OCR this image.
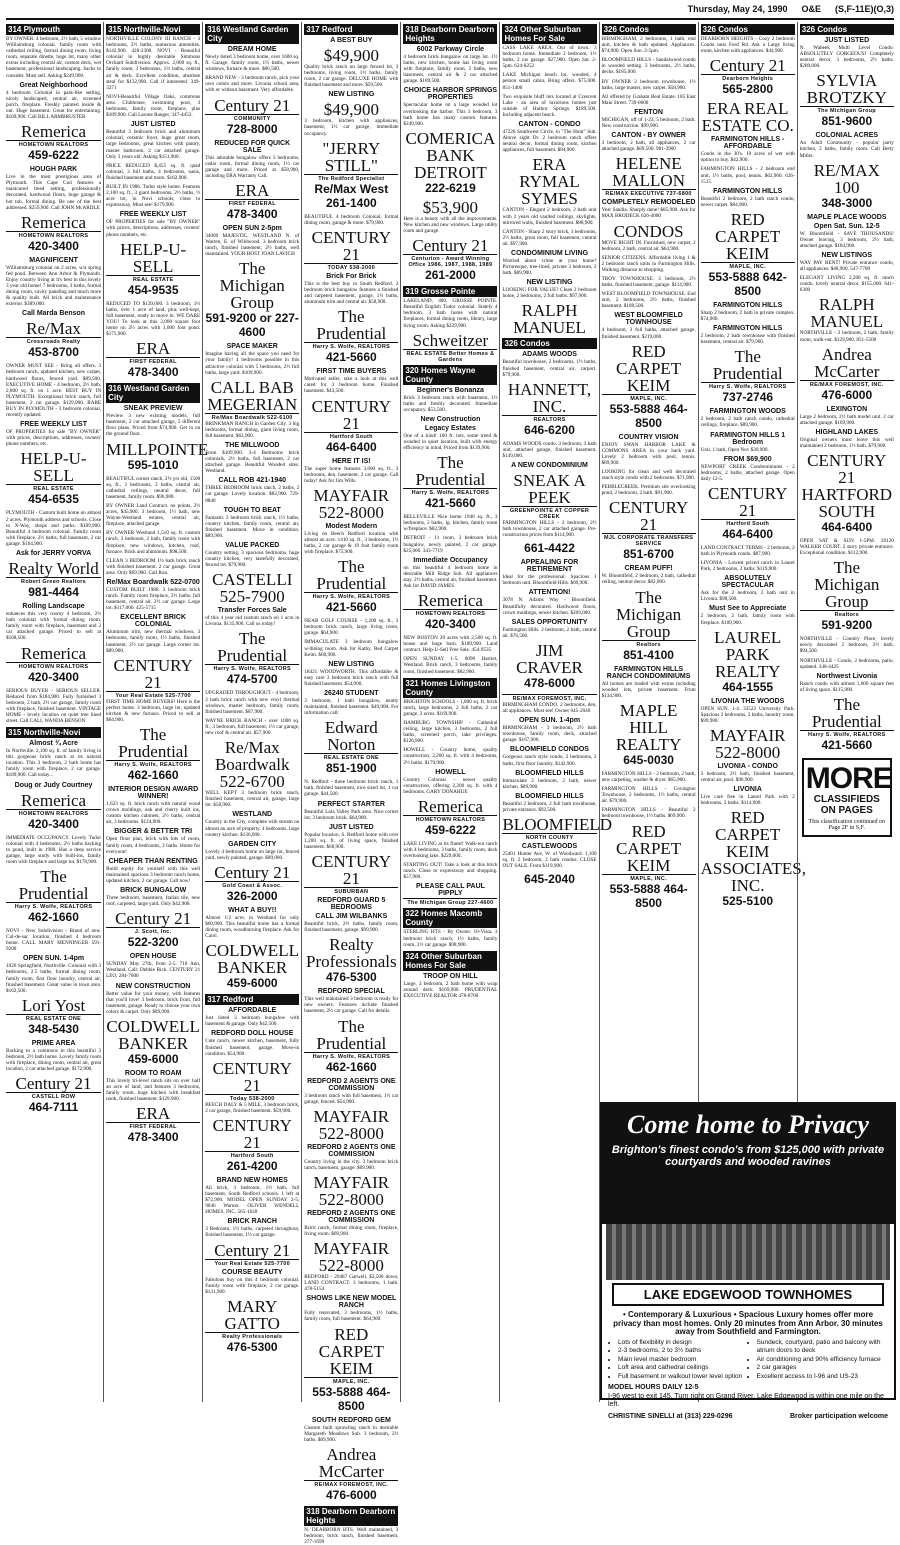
Thursday, May 24, 1990 O&E (S,F-11E)(O,3)
314 Plymouth
BY OWNER. 4 bedroom, 2½ bath, 5 window Williamsburg colonial. family room with cathedral ceiling, formal dining room, living room, separate dinette, huge lot, many other extras including central air, custom deck, wet basement, professional landscaping. Sacks to consider. Must sell. Asking $249,900.
Great Neighborhood
4 bedroom Colonial in park-like setting, nicely landscaped, central air, screened porch, fireplace. Freshly painted inside & out. Huge basement. Great for entertaining. $169,900. Call BILL ARMBRUSTER
Remerica
HOMETOWN REALTORS
459-6222
HOUGH PARK
Live in the most prestigious area of Plymouth. This Cape Cod features a manicured treed setting, professionally decorated, hardwood floors, huge garage & hot tub, formal dining. Be one of the best addressed. $259,900. Call JOHN McARDLE
Remerica
HOMETOWN REALTORS
420-3400
MAGNIFICENT
Williamsburg colonial on 2 acres, w/a spring fed pond. Between Ann Arbor & Plymouth. Enjoy country living at it's best in this lovely 3 year old home! 7 bedrooms, 3 baths, formal dining room, cavity paneling and much more & quality built. All brick and maintenance exterior. $389,000.
Call Marda Benson
Re/Max
Crossroads Realty
453-8700
OWNER MUST SEE - Bring all offers. 3 bedroom ranch, updated kitchen, new carpet, hardwood floors, fenced yard. $89,500. EXECUTIVE HOME - 4 bedroom, 2½ bath, 2,800 sq. ft. on 1 acre. BEST BUY IN PLYMOUTH. Exceptional brick ranch, full basement, 2 car garage. $129,900. RARE BUY IN PLYMOUTH - 3 bedroom colonial, recently updated.
FREE WEEKLY LIST
OF PROPERTIES for sale "BY OWNER" with prices, descriptions, addresses, owners' phone numbers, etc.
HELP-U-SELL
REAL ESTATE
454-6535
PLYMOUTH - Custom built home on almost 2 acres. Plymouth address and schools. Close to X-Way, shops and parks. $189,900. Beautiful 4 bedroom colonial. Family room with fireplace, 2½ baths, full basement, 2 car garage. $164,900.
Ask for JERRY VORVA
Realty World
Robert Green Realtors
981-4464
Rolling Landscape
enhances this very roomy 4 bedroom, 2½ bath colonial with formal dining room, family room with fireplace, basement and 2 car attached garage. Priced to sell at $168,500.
Remerica
HOMETOWN REALTORS
420-3400
SERIOUS BUYER - SERIOUS SELLER. Reduced from $184,900. Fully furnished 3 bedroom, 2 bath, 2½ car garage, family room with fireplace, finished basement. VINTAGE HOME - lovely location on quiet tree lined street. Call CALL WANDA BENSON
315 Northville-Novi
Almost ¾ Acre
In Northville. 2,100 sq. ft. of family living in this gorgeous brick ranch at its natural location. This 3 bedroom, 2 bath home has family room with fireplace, 2 car garage. $189,900. Call today...
Doug or Judy Courtney
Remerica
HOMETOWN REALTORS
420-3400
IMMEDIATE OCCUPANCY. Lovely Tudor colonial with 4 bedrooms, 2½ baths backing to pond, built in 1980. Has a deep service garage, large study with built-ins, family room with fireplace and large lot. $178,900.
The Prudential
Harry S. Wolfe, REALTORS
462-1660
NOVI - New Subdivision - Brand of new. Cul-de-sac location, finished 4 bedroom home. CALL MARY MENNINGER 591-9200
OPEN SUN. 1-4pm
1026 Springfield, Northville. Colonial with 3 bedrooms, 2.5 baths, formal dining room, family room, first floor laundry, central air, finished basement. Great value in town area. $162,500.
Lori Yost
REAL ESTATE ONE
348-5430
PRIME AREA
Backing to a commons in this beautiful 3 bedroom, 2½ bath home. Lovely family room with fireplace, dining room, central air, great location, 2 car attached garage. $172,900.
Century 21
CASTELL ROW
464-7111
315 Northville-Novi
NORTHVILLE COLONY III RANCH - 3 bedrooms, 2½ baths, numerous amenities. $142,900. 420-2300. NOVI - Beautiful colonial in highly desirable Simmons Orchard Subdivision. Approx. 2,000 sq. ft., family room, 3 bedrooms, 1½ baths, central air & deck. Excellent condition, absolute steal for $132,900. Call if interested. 349-3271
NOVI-Beautiful Village Oaks, commons area. Clubhouse, swimming pool, 3 bedrooms, family room, fireplace, plus $189,900. Call Larone Ranger, 347-4453.
JUST LISTED
Beautiful 3 bedroom brick and aluminum colonial, ceramic foyer, huge great room, large bedrooms, great kitchen with pantry, master bathroom, 2 car attached garage. Only 3 years old. Asking $151,900.
PRICE REDUCED $,455 sq. ft. quad colonial, 3 full baths, 4 bedrooms, oasis, finished basement and more. $162,900.
BUILT IN 1986. Tudor style home. Features 2,100 sq. ft., 3 giant bedrooms, 2½ baths, ½ acre lot, in Novi schools, close to expressway. Must see! $179,900.
FREE WEEKLY LIST
OF PROPERTIES for sale "BY OWNER" with prices, descriptions, addresses, owners' phone numbers, etc.
HELP-U-SELL
REAL ESTATE
454-9535
REDUCED TO $139,000. 3 bedroom, 1½ baths, over 1 acre of land, plus well-kept, full basement, ready to move in. WE DARE YOU! To look at this 2,000 square foot home on 2½ acres with 1,000 foot pond. $175,900.
ERA
FIRST FEDERAL
478-3400
316 Westland Garden City
SNEAK PREVIEW
Preview 3 new existing models, full basement, 2 car attached garage, 5 different floor plans. Priced from $74,900. Get in on the ground floor.
MILLPOINTE
595-1010
BEAUTIFUL corner ranch, 2½ yrs old, 1500 sq. ft., 3 bedrooms, 2 baths, central air, cathedral ceilings, neutral decor, full basement, family room. $96,900.
BY OWNER Land Contract. no points, 2½ acres, $45,900. 3 bedroom, 1½ bath, new Wayne-Westland estates, central air, fireplace, attached garage.
BY OWNER Westland 1,510 sq. ft. custom ranch, 3 bedroom, 2 bath, family room with fireplace, new windows, kitchen, roof, furnace. Brick and aluminum. $98,500.
CLEAN 3 BEDROOM 1½ bath brick ranch with finished basement. 2 car garage. Great area. Only $69,900. Call Ron.
Re/Max Boardwalk 522-0700
CUSTOM BUILT 1988. 3 bedroom brick ranch. Family room fireplace, 2½ baths, full basement, central air. 2½ car garage. Large lot. $117,000. 425-5715
EXCELLENT BRICK COLONIAL
Aluminum trim, new thermal windows, 3 bedrooms, family room, 1½ baths, finished basement, 2½ car garage. Large corner lot. $89,900.
CENTURY 21
Your Real Estate 525-7700
FIRST TIME HOME BUYERS! Here is the perfect home. 3 bedroom, large lot, updated kitchen & new furnace. Priced to sell at $64,900.
The Prudential
Harry S. Wolfe, REALTORS
462-1660
INTERIOR DESIGN AWARD WINNER!
1,623 sq. ft. brick ranch with natural wood crown moldings, oak and cherry built ins, custom kitchen cabinets, 2½ baths, central air, 3 bedrooms. $124,900.
BIGGER & BETTER TRI
Open floor plan, brick with lots of room, family room, 4 bedrooms, 2 baths. Home for everyone!
CHEAPER THAN RENTING
Build equity for yourself with this well maintained spacious 3 bedroom ranch home, updated kitchen, 2 car garage. Call now!
BRICK BUNGALOW
Three bedroom, basement, Italian tile, new roof, carpeted, large yard. Only $42,900.
Century 21
J. Scott, Inc.
522-3200
OPEN HOUSE
SUNDAY May 27th, from 2-5. 710 Ann, Westland. Call: Debbie Rich. CENTURY 21 LEO, 284-7000
NEW CONSTRUCTION
Better value for your money, with features that you'll love! 3 bedroom, brick front, full basement, garage. Ready to choose your own colors & carpet. Only $89,900.
COLDWELL BANKER
459-6000
ROOM TO ROAM
This lovely tri-level ranch sits on over half an acre of land, and features 3 bedrooms, family room, huge kitchen with breakfast nook, finished basement. $129,900.
ERA
FIRST FEDERAL
478-3400
316 Westland Garden City
DREAM HOME
Newly listed 3 bedroom home, over 1600 sq. ft. Garage, family room, 1½ baths, newer windows, furnace & more. $86,500.
BRAND NEW - 3 bedroom ranch, pick your own colors and more. Livonia school area, with or without basement. Very affordable.
Century 21
COMMUNITY
728-8000
REDUCED FOR QUICK SALE
This adorable bungalow offers 3 bedrooms, cedar room, formal dining room, 1½ car garage and more. Priced at $58,900, including ERA Warranty Call.
ERA
FIRST FEDERAL
478-3400
OPEN SUN 2-5pm
34000 MAJESTIC, WESTLAND N. of Warren, E. of Wildwood. 3 bedroom brick ranch, finished basement, 2½ baths, well maintained. YOUR HOST JOAN LAVICH
The Michigan Group
591-9200 or 227-4600
SPACE MAKER
Imagine having all the space you need for your family! 4 bedrooms possible in this attractive colonial with 5 bedrooms, 2½ full baths, large yard. $109,900.
CALL BAB MEGERIAN
Re/Max Boardwalk 522-6100
BRINKMAN RANCH in Garden City. 3 big bedrooms, formal dining, giant living room, full basement. $63,900.
THE MILLWOOD
From $109,900. 3-4 Bedrooms brick colonials, 2½ baths, full basement, 2 car attached garage. Beautiful Wooded sites. Westland.
CALL ROB 421-1940
THREE BEDROOM brick ranch, 2 baths, 2 car garage. Lovely location. $82,900. 729-8840
TOUGH TO BEAT
Fantastic 3 bedroom brick ranch, 1½ baths, country kitchen, family room, central air, finished basement. Move in condition. $89,900.
VALUE PACKED
Country setting, 3 spacious bedrooms, huge country kitchen, very tastefully decorated, fenced lot. $79,900.
CASTELLI 525-7900
Transfer Forces Sale
of this 4 year old custom ranch on 1 acre in Livonia. $135,900. Call us today!
The Prudential
Harry S. Wolfe, REALTORS
474-5700
UPGRADED THROUGHOUT - 4 bedroom, 2 bath brick ranch with new vinyl thermal windows, master bedroom, family room, finished basement. $87,900.
WAYNE BRICK RANCH - over 1000 sq. ft., 3 bedroom, full basement, 1½ car garage, new roof & central air. $57,900.
Re/Max Boardwalk 522-6700
WELL KEPT 3 bedroom brick ranch, finished basement, central air, garage, large lot. $58,900.
WESTLAND
Country in the City, complete with stream on almost an acre of property. 4 bedrooms, large country kitchen. $136,900.
GARDEN CITY
Lovely 4 bedroom home on large lot, fenced yard, newly painted, garage. $89,000.
Century 21
Gold Coast & Assoc.
326-2000
WHAT A BUY!!
Almost 1/2 acre, in Westland for only $60,900. This beautiful home has a formal dining room, woodburning fireplace. Ask for Carol.
COLDWELL BANKER
459-6000
317 Redford
AFFORDABLE
Just listed 3 bedroom bungalow with basement & garage. Only $42,500.
REDFORD DOLL HOUSE
Cute ranch, newer kitchen, basement, fully finished basement, garage. Move-in condition. $54,900.
CENTURY 21
Today 538-2000
BEECH DALY & 5 MILE, 3 bedroom brick, 2 car garage, finished basement. $59,900.
CENTURY 21
Hartford South
261-4200
BRAND NEW HOMES
All brick, 3 bedroom, 1½ bath, full basement, South Redford schools. 1 left at $72,900. MODEL OPEN SUNDAY 2-5, 9046 Warner. OLIVER WENDELL HOMES, INC. 565-1620
BRICK RANCH
3 Bedroom, 1½ baths, carpeted throughout, finished basement, 1½ car garage.
Century 21
Your Real Estate 525-7700
COURSE BEAUTY
Fabulous buy on this 4 bedroom colonial. Family room with fireplace, 2 car garage. $131,900.
MARY GATTO
Realty Professionals
476-5300
317 Redford
A BEST BUY
$49,900
Quality brick ranch on large fenced lot, 3 bedrooms, living room, 1½ baths, family room, 2 car garage. DELUXE HOME with finished basement and more. $59,500.
NEW LISTING
$49,900
3 bedroom, kitchen with appliances, basement, 1½ car garage, immediate occupancy.
"JERRY STILL"
The Redford Specialist
Re/Max West 261-1400
BEAUTIFUL 4 bedroom Colonial, formal dining room, garage & more. $79,900.
CENTURY 21
TODAY 538-2000
Brick For Brick
This is the best buy in South Redford. 3 bedroom brick bungalow features a finished and carpeted basement, garage, 1½ baths, aluminum trim and central air. $58,900.
The Prudential
Harry S. Wolfe, REALTORS
421-5660
FIRST TIME BUYERS
Motivated seller, take a look at this well cared for 3 bedroom home. Finished basement. $43,500.
CENTURY 21
Hartford South
464-6400
HERE IT IS!
The super home features 3,600 sq. ft., 3 bedrooms, den, basement, 2 car garage. Call today! Ask for Jim Wills.
MAYFAIR 522-8000
Modest Modern
Living on Beech Redford location with almost an acre. 1410 sq. ft., 3 bedrooms, 1½ baths, 2 car garage & 19 foot family room with fireplace. $75,900.
The Prudential
Harry S. Wolfe, REALTORS
421-5660
NEAR GOLF COURSE - 1,200 sq. ft., 3 bedroom brick ranch, large living room, garage. $64,900.
IMMACULATE 3 bedroom bungalow w/dining room. Ask for Kathy, Red Carpet Keim. $60,900.
NEW LISTING
18421 WOODWORTH. This affordable & easy care 3 bedroom brick ranch with full finished basement. $54,900.
26240 STUDENT
3 bedroom, 1 bath bungalow, neatly maintained, finished basement. $49,900. For information call:
Edward Norton
REAL ESTATE ONE
851-1900
N. Redford - three bedroom brick ranch, 1 bath, finished basement, nice sized lot, 1 car garage. $44,500.
PERFECT STARTER
Beautiful Lola Valley Park area. Nice corner lot, 3 bedroom brick. $64,900.
JUST LISTED
Popular location, S. Redford home with over 1,200 sq. ft. of living space, finished basement. $68,900.
CENTURY 21
SUBURBAN
REDFORD GUARD 5 BEDROOMS
CALL JIM WILBANKS
Beautiful brick, 2½ baths, family room, finished basement, garage. $99,900.
Realty Professionals
476-5300
REDFORD SPECIAL
This well maintained 3 bedroom is ready for new owners. Features include finished basement, 2½ car garage. Call for details.
The Prudential
Harry S. Wolfe, REALTORS
462-1660
REDFORD 2 AGENTS ONE COMMISSION
3 bedroom ranch with full basement, 1½ car garage, fenced. $54,900.
MAYFAIR 522-8000
REDFORD 2 AGENTS ONE COMMISSION
Country living in the city. 3 bedroom brick ranch, basement, garage. $69,900.
MAYFAIR 522-8000
REDFORD 2 AGENTS ONE COMMISSION
Brick ranch, formal dining room, fireplace, living room. $69,900.
MAYFAIR 522-8000
REDFORD - 20487 Garwell, $2,500 down, LAND CONTRACT. 3 bedrooms, 1 bath. 478-5154
SHOWS LIKE NEW MODEL RANCH
Fully renovated, 3 bedrooms, 1½ baths, family room, full basement. $64,900.
RED CARPET KEIM
MAPLE, INC.
553-5888 464-8500
SOUTH REDFORD GEM
Custom built sprawling ranch in desirable Margareth Meadows Sub. 3 bedroom, 2½ baths. $89,900.
Andrea McCarter
RE/MAX FOREMOST, INC.
476-6000
318 Dearborn Dearborn Heights
N. DEARBORN HTS. Well maintained, 3 bedroom, brick ranch, finished basement. 277-1699
318 Dearborn Dearborn Heights
6002 Parkway Circle
4 bedroom brick bungalow on large lot. 1½ baths, new kitchen, home has living room with fireplace, family room, 2 baths, new basement, central air & 2 car attached garage. $189,500.
CHOICE HARBOR SPRINGS PROPERTIES
Spectacular home on a large wooded lot overlooking the harbor. This 3 bedroom, 3 bath home has many custom features. $249,900.
COMERICA BANK DETROIT
222-6219
$53,900
Here is a beauty with all the improvements. New kitchen and new windows. Large utility room and garage.
Century 21
Centurion - Award Winning Office 1986, 1987, 1988, 1989
261-2000
319 Grosse Pointe
LAKELAND, 400, GROSSE POINTE. Beautiful English Tudor colonial. Stately 4 bedroom, 3 bath home with natural fireplaces, formal dining room, library, large living room. Asking $229,900.
Schweitzer
REAL ESTATE Better Homes & Gardens
320 Homes Wayne County
Beginner's Bonanza
Brick 3 bedroom ranch with basement, 1½ baths and freshly decorated. Immediate occupancy. $53,500.
New Construction
Legacy Estates
One of a kind! 100 ft. lots, some treed & wooded in quiet location, built with energy efficiency in mind. Priced from $139,900.
The Prudential
Harry S. Wolfe, REALTORS
421-5660
BELLEVILLE Nice home 1946 sq. ft., 3 bedrooms, 2 baths, lg. kitchen, family room w/fireplace. $82,900.
DETROIT - 11 room, 3 bedroom brick bungalow, newly painted, 2 car garage. $25,000. 343-7719
Immediate Occupancy
on this beautiful 4 bedroom home in desirable Mill Ridge Sub. All appliances stay. 2½ baths, central air, finished basement. Ask for DAVID JAMES
Remerica
HOMETOWN REALTORS
420-3400
NEW BOSTON 20 acres with 2,500 sq. ft. house and huge barn. $189,900. Land contract. Help-U-Sell Free Sale. 454-9535
OPEN SUNDAY 1-5, 8090 Harriet, Westland. Brick ranch, 3 bedrooms, family room, finished basement. $82,900.
321 Homes Livingston County
BRIGHTON SCHOOLS - 1,800 sq. ft. brick ranch, large bedrooms, 2 full baths, 2 car garage, 2 acres. $169,900.
HAMBURG TOWNSHIP - Cathedral ceiling, large kitchen, 3 bedrooms, 2 full baths, screened porch, lake privileges. $126,900.
HOWELL - Country home, quality construction, 2,200 sq. ft. with 4 bedrooms, 2½ baths. $179,900.
HOWELL
Country Colonial - newer quality construction, offering 2,200 sq. ft. with 4 bedrooms. GARY DONAHUE
Remerica
HOMETOWN REALTORS
459-6222
LAKE LIVING at its finest! Walk-out ranch with 4 bedrooms, 3 baths, family room, deck overlooking lake. $229,000.
STARTING OUT! Take a look at this brick ranch. Close to expressway and shopping. $57,900.
PLEASE CALL PAUL PIPPLY
The Michigan Group 227-4600
322 Homes Macomb County
STERLING HTS - By Owner. 10-Vista, 3 bedroom brick ranch, 1½ baths, family room, 2½ car garage. $98,900.
324 Other Suburban Homes For Sale
TROOP ON HILL
Large, 3 bedroom, 2 bath home with wrap around deck. $169,900. PRUDENTIAL EXECUTIVE REALTOR 478-8700
324 Other Suburban Homes For Sale
CASS LAKE AREA. Out of town. 3 bedroom home. Immediate 2 bedroom, 1½ baths, 2 car garage. $27,900. Open Sat. 2-5pm. 624-0252
LAKE Michigan beach lot, wooded, 4 person small cabin, Bring offers. $75,000. 851-1400
Two exquisite bluff lots located at Crescent Lake - an area of luxurious homes just outside of Harbor Springs. $189,500. Including adjacent beach.
CANTON - CONDO
47226 Southwest Circle, in "The Hunt" Sub. Above sight Dr. 2 bedroom ranch offers neutral decor, formal dining room, kitchen appliances, full basement. $84,900.
ERA RYMAL SYMES
CANTON - Elegant 2 bedroom, 2 bath unit with 2 years old vaulted ceilings, skylights, mirrored walls, finished basement. $88,900.
CANTON - Sharp 2 story brick, 3 bedrooms, 2½ baths, great room, full basement, central air. $97,900.
CONDOMINIUM LIVING
Worried about crime at your home? Picturesque, tree-lined, private 3 bedroom, 2 bath. $89,900.
NEW LISTING
LOOKING FOR VALUE? Clean 2 bedroom home, 2 bedrooms, 2 full baths. $97,900.
RALPH MANUEL
326 Condos
ADAMS WOODS
Beautiful townhouse, 2 bedrooms, 1½ baths, finished basement, central air, carport. $79,900.
HANNETT, INC.
REALTORS
646-6200
ADAMS WOODS condo. 3 bedroom, 3 bath unit, attached garage, finished basement. $149,000.
A NEW CONDOMINIUM
SNEAK A PEEK
GREENPOINTE AT COPPER CREEK
FARMINGTON HILLS - 2 bedroom, 2½ bath townhouse, 2 car attached garage. Pre-construction prices from $114,900.
661-4422
APPEALING FOR RETIREMENT
Ideal for the professional. Spacious 1 bedroom unit. Bloomfield Hills. $69,900.
ATTENTION!
3078 N. Adams Way - Bloomfield. Beautifully decorated. Hardwood floors, crown moldings, newer kitchen. $209,000.
SALES OPPORTUNITY
Farmington Hills. 2 bedroom, 2 bath, central air. $76,500.
JIM CRAVER
478-6000
RE/MAX FOREMOST, INC.
BIRMINGHAM CONDO, 2 bedrooms, den, all appliances. Must see! Owner 645-2040
OPEN SUN. 1-4pm
BIRMINGHAM - 3 bedroom, 2½ bath townhouse, family room, deck, attached garage. $167,900.
BLOOMFIELD CONDOS
Gorgeous ranch style condo, 2 bedrooms, 2 baths, first floor laundry. $142,900.
BLOOMFIELD HILLS
Immaculate 2 bedroom, 2 bath, newer kitchen. $89,900.
BLOOMFIELD HILLS
Beautiful 2 bedroom, 2 full bath townhouse, private entrance. $92,500.
BLOOMFIELD
NORTH COUNTY
CASTLEWOODS
25401 Hunter Ave, W. of Woodward. 1,100 sq. ft. 2 bedroom, 2 bath condos. CLOSE OUT SALE. From $119,900.
645-2040
326 Condos
BIRMINGHAM, 2 bedrooms, 1 bath, end unit, kitchen & bath updated. Appliances. $74,900. Open Sun. 2-5pm.
BLOOMFIELD HILLS - Sandalwood condo in wooded setting. 3 bedrooms, 2½ baths, decks. $185,000.
BY OWNER 2 bedroom townhouse, 1½ baths, large master, new carpet. $58,900.
All offered by Graham Real Estate. 185 East Main Street. 739-0600
FENTON
MICHIGAN, off of 1-23, 5 bedroom, 2 bath. New construction. $99,900.
CANTON - BY OWNER
3 bedroom, 2 bath, all appliances, 2 car attached garage. $89,500. 981-3900
HELENE MALLON
RE/MAX EXECUTIVE 737-6800
COMPLETELY REMODELED
Year Sandia. Sharply done! $85,900. Ask for MAX BRODECK 626-4000
CONDOS
MOVE RIGHT IN. Furnished, new carpet, 2 bedroom, 2 bath, central air. $64,900.
SENIOR CITIZENS: Affordable living 1 & 2 bedroom ranch units in Farmington Hills. Walking distance to shopping.
TROY TOWNHOUSE. 3 bedroom, 2½ baths, finished basement, garage. $114,900.
WEST BLOOMFIELD TOWNHOUSE. End unit, 2 bedrooms, 2½ baths, finished basement. $108,500.
WEST BLOOMFIELD TOWNHOUSE
4 bedroom, 3 full baths, attached garage, finished basement. $219,000.
RED CARPET KEIM
MAPLE, INC.
553-5888 464-8500
COUNTRY VISION
ENJOY SWAN HARBOR LAKE & COMMONS AREA in your back yard. Lovely 2 bedroom with pool, tennis. $89,900.
LOOKING for clean and well decorated ranch style condo with 2 bedrooms. $71,900.
PEBBLECREEK. Premium site overlooking pond, 2 bedroom, 2 bath. $91,900.
CENTURY 21
MJL CORPORATE TRANSFERS SERVICE
851-6700
CREAM PUFF!
W. Bloomfield, 2 bedroom, 2 bath, cathedral ceiling, neutral decor. $82,900.
The Michigan Group
Realtors
851-4100
FARMINGTON HILLS RANCH CONDOMINIUMS
All homes are loaded with extras including wooded lots, private basement. From $134,900.
MAPLE HILL REALTY
645-0030
FARMINGTON HILLS - 2 bedroom, 2 bath, new carpeting, washer & dryer. $65,900.
FARMINGTON HILLS - Covington Townhouse, 2 bedrooms, 1½ baths, central air. $79,900.
FARMINGTON HILLS - Beautiful 2 bedroom townhouse, 1½ baths. $69,900.
RED CARPET KEIM
MAPLE, INC.
553-5888 464-8500
326 Condos
DEARBORN HEIGHTS - Cozy 2 bedroom Condo near Ford Rd. Ask a Large living room, kitchen with appliances. $44,900.
Century 21
Dearborn Heights
565-2800
ERA REAL ESTATE CO.
FARMINGTON HILLS - AFFORDABLE
Condo in the 30's. 10 acres of wet with option to buy. $42,900.
FARMINGTON HILLS - 2 bedroom end unit, 1½ baths, pool, tennis. $62,900. 626-1515
FARMINGTON HILLS
Beautiful 2 bedroom, 2 bath ranch condo, newer carpet. $84,900.
RED CARPET KEIM
MAPLE, INC.
553-5888 642-8500
FARMINGTON HILLS
Sharp 2 bedroom, 2 bath in private complex. $74,900.
FARMINGTON HILLS
2 bedroom, 2 bath townhouse with finished basement, central air. $79,900.
The Prudential
Harry S. Wolfe, REALTORS
737-2746
FARMINGTON WOODS
2 bedroom, 2 bath ranch condo, cathedral ceilings, fireplace. $89,900.
FARMINGTON HILLS 1 Bedroom
Unit, 1 bath, Open Nov $39,900.
FROM $69,900
NEWPORT CREEK Condominiums - 2 bedrooms, 2 baths, attached garage. Open daily 12-5.
CENTURY 21
Hartford South
464-6400
LAND CONTRACT TERMS - 2 bedroom, 2 bath in Plymouth condo. $87,900.
LIVONIA - Lowest priced ranch in Laurel Park, 2 bedrooms, 2 baths. $119,900.
ABSOLUTELY SPECTACULAR
Ask for the 2 bedroom, 2 bath unit in Livonia. $98,500.
Must See to Appreciate
2 bedroom, 2 bath, family room with fireplace. $109,900.
LAUREL PARK REALTY
464-1555
LIVONIA THE WOODS
OPEN SUN. 1-4. 33522 University Park. Spacious 2 bedrooms, 2 baths, laundry room. $99,900.
MAYFAIR 522-8000
LIVONIA - CONDO
3 bedroom, 2½ bath, finished basement, central air, pool. $96,900.
LIVONIA
Live care free in Laurel Park with 2 bedrooms, 2 baths. $114,900.
RED CARPET KEIM ASSOCIATES, INC.
525-5100
326 Condos
JUST LISTED
N. Wabeek Multi Level Condo. ABSOLUTELY GORGEOUS! Completely neutral decor, 3 bedrooms, 2½ baths. $289,000.
SYLVIA BROTZKY
The Michigan Group
851-9600
COLONIAL ACRES
An Adult Community - popular party kitchen, 2 baths, family room. Call Betty Miller.
RE/MAX 100
348-3000
MAPLE PLACE WOODS
Open Sat. Sun. 12-5
W. Bloomfield - SAVE THOUSANDS! Owner leaving, 3 bedroom, 2½ bath, attached garage. $184,900.
NEW LISTINGS
WAY PAY RENT! Private entrance condo, all appliances. $48,900. 547-7700
ELEGANT LIVING 2,200 sq. ft. ranch condo, lovely neutral decor. $155,000. 641-6300
RALPH MANUEL
NORTHVILLE - 2 bedroom, 2 bath, family room, walk-out. $129,900. 851-5500
Andrea McCarter
RE/MAX FOREMOST, INC.
476-6000
LEXINGTON
Large 2 bedroom, 2½ bath model unit. 2 car attached garage. $169,900.
HIGHLAND LAKES
Original owners must leave this well maintained 2 bedroom, 1½ bath. $79,900.
CENTURY 21 HARTFORD SOUTH
464-6400
OPEN SAT & SUN 1-5PM. 39120 WALKER COURT. 2 story private entrance. Exceptional condition. $112,900.
The Michigan Group
Realtors
591-9200
NORTHVILLE - Country Place, lovely newly decorated 2 bedroom, 2½ bath. $94,500.
NORTHVILLE - Condo, 2 bedrooms, patio, updated. 348-4425
Northwest Livonia
Ranch condo with almost 1,600 square feet of living space. $115,900.
The Prudential
Harry S. Wolfe, REALTORS
421-5660
MORE
CLASSIFIEDS ON PAGES
This classification continued on Page 2F in S,F.
Come home to Privacy
Brighton's finest condo's from $125,000 with private courtyards and wooded ravines
LAKE EDGEWOOD TOWNHOMES
• Contemporary & Luxurious • Spacious Luxury homes offer more privacy than most homes. Only 20 minutes from Ann Arbor. 30 minutes away from Southfield and Farmington.
• Lots of flexibility in design
• 2-3 bedrooms, 2 to 3½ baths
• Main level master bedroom
• Loft area and cathedral ceilings
• Full basement or walkout lower level option
• Sundeck, courtyard, patio and balcony with atrium doors to deck
• Air conditioning and 90% efficiency furnace
• 2 car garages
• Excellent access to I-96 and US-23
MODEL HOURS DAILY 12-5
I-96 west to exit 145, Turn right on Grand River. Lake Edgewood is within one mile on the left.
CHRISTINE SINELLI at (313) 229-0296	Broker participation welcome
